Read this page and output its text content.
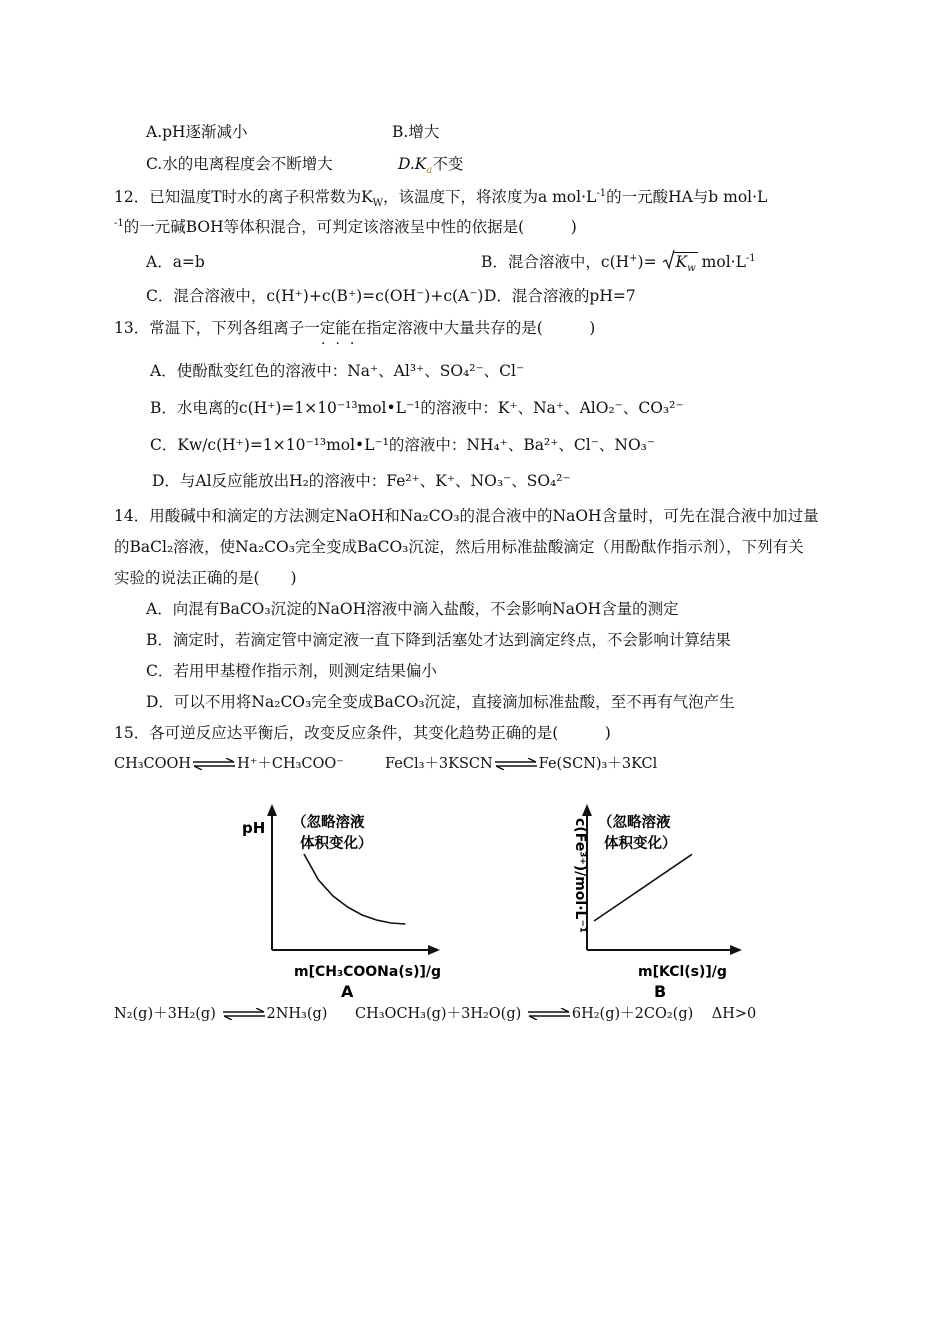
A.pH逐渐减小	B.增大
C.水的电离程度会不断增大	$D.K_a$不变
12．已知温度T时水的离子积常数为$K_W$，该温度下，将浓度为a $mol\cdot L^{-1}$的一元酸HA与b mol·L
$^{-1}$的一元碱BOH等体积混合，可判定该溶液呈中性的依据是(　　　)
A．a=b	B．混合溶液中，$c(H^+)= K_w$ $mol\cdot L^{-1}$
C．混合溶液中，c(H⁺)+c(B⁺)=c(OH⁻)+c(A⁻) D．混合溶液的pH=7
13．常温下，下列各组离子一定能在指定溶液中大量共存的是(　　　)
·​·​·
A．使酚酞变红色的溶液中：Na⁺、Al³⁺、SO₄²⁻、Cl⁻
B．水电离的c(H⁺)=1×10⁻¹³mol•L⁻¹的溶液中：K⁺、Na⁺、AlO₂⁻、CO₃²⁻
C．Kw/c(H⁺)=1×10⁻¹³mol•L⁻¹的溶液中：NH₄⁺、Ba²⁺、Cl⁻、NO₃⁻
D．与Al反应能放出H₂的溶液中：Fe²⁺、K⁺、NO₃⁻、SO₄²⁻
14．用酸碱中和滴定的方法测定NaOH和Na₂CO₃的混合液中的NaOH含量时，可先在混合液中加过量
的BaCl₂溶液，使Na₂CO₃完全变成BaCO₃沉淀，然后用标准盐酸滴定（用酚酞作指示剂），下列有关
实验的说法正确的是(　　)
A．向混有BaCO₃沉淀的NaOH溶液中滴入盐酸，不会影响NaOH含量的测定
B．滴定时，若滴定管中滴定液一直下降到活塞处才达到滴定终点，不会影响计算结果
C．若用甲基橙作指示剂，则测定结果偏小
D．可以不用将Na₂CO₃完全变成BaCO₃沉淀，直接滴加标准盐酸，至不再有气泡产生
15．各可逆反应达平衡后，改变反应条件，其变化趋势正确的是(　　　)
CH₃COOH⇌H⁺＋CH₃COO⁻	FeCl₃＋3KSCN⇌Fe(SCN)₃＋3KCl
pH （忽略溶液
体积变化）
m[CH₃COONa(s)]/g
A
c(Fe³⁺)/mol·L⁻¹ （忽略溶液
体积变化）
m[KCl(s)]/g
B
N₂(g)＋3H₂(g) ⇌2NH₃(g) CH₃OCH₃(g)＋3H₂O(g) ⇌6H₂(g)＋2CO₂(g) ΔH>0
